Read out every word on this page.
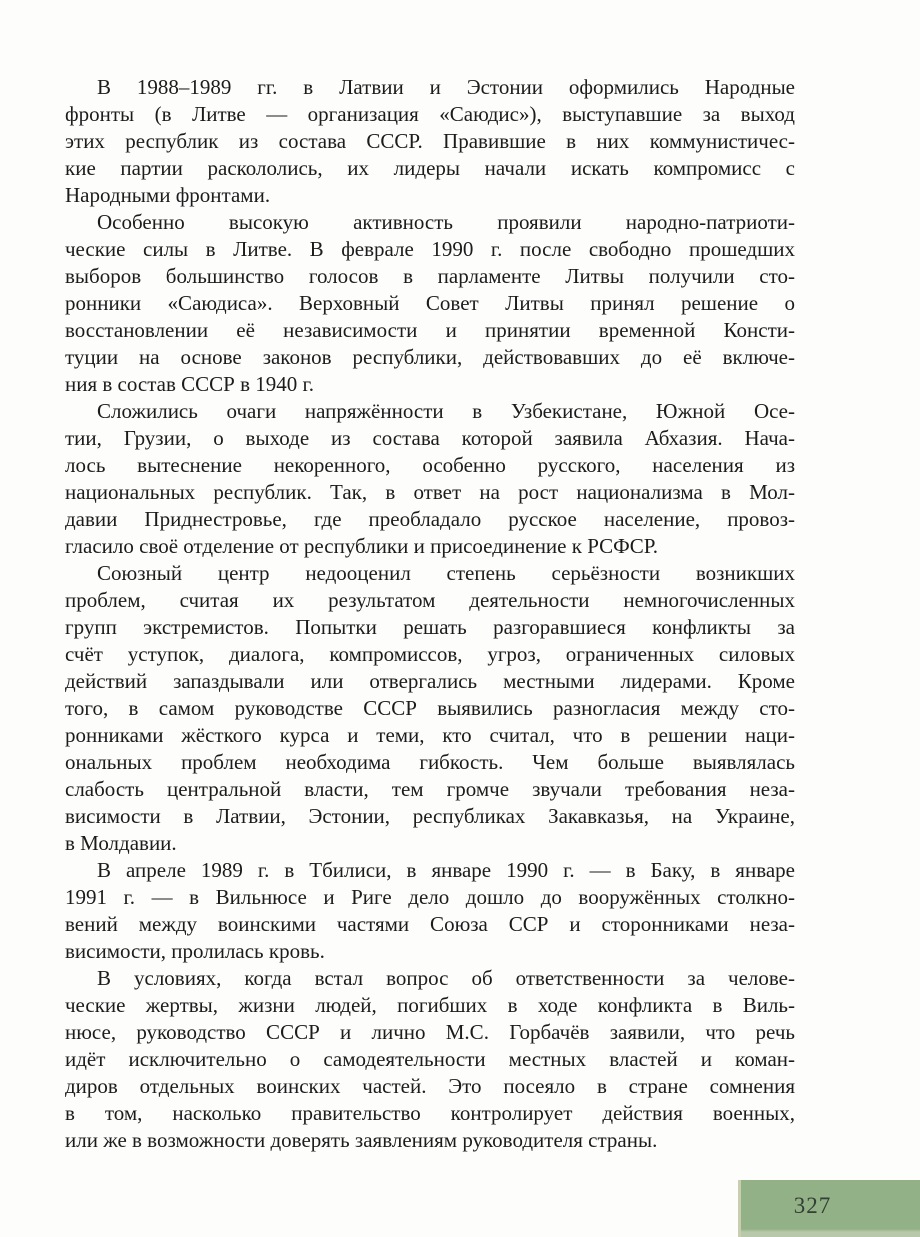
В 1988–1989 гг. в Латвии и Эстонии оформились Народные
фронты (в Литве — организация «Саюдис»), выступавшие за выход
этих республик из состава СССР. Правившие в них коммунистичес-
кие партии раскололись, их лидеры начали искать компромисс с
Народными фронтами.
Особенно высокую активность проявили народно-патриоти-
ческие силы в Литве. В феврале 1990 г. после свободно прошедших
выборов большинство голосов в парламенте Литвы получили сто-
ронники «Саюдиса». Верховный Совет Литвы принял решение о
восстановлении её независимости и принятии временной Консти-
туции на основе законов республики, действовавших до её включе-
ния в состав СССР в 1940 г.
Сложились очаги напряжённости в Узбекистане, Южной Осе-
тии, Грузии, о выходе из состава которой заявила Абхазия. Нача-
лось вытеснение некоренного, особенно русского, населения из
национальных республик. Так, в ответ на рост национализма в Мол-
давии Приднестровье, где преобладало русское население, провоз-
гласило своё отделение от республики и присоединение к РСФСР.
Союзный центр недооценил степень серьёзности возникших
проблем, считая их результатом деятельности немногочисленных
групп экстремистов. Попытки решать разгоравшиеся конфликты за
счёт уступок, диалога, компромиссов, угроз, ограниченных силовых
действий запаздывали или отвергались местными лидерами. Кроме
того, в самом руководстве СССР выявились разногласия между сто-
ронниками жёсткого курса и теми, кто считал, что в решении наци-
ональных проблем необходима гибкость. Чем больше выявлялась
слабость центральной власти, тем громче звучали требования неза-
висимости в Латвии, Эстонии, республиках Закавказья, на Украине,
в Молдавии.
В апреле 1989 г. в Тбилиси, в январе 1990 г. — в Баку, в январе
1991 г. — в Вильнюсе и Риге дело дошло до вооружённых столкно-
вений между воинскими частями Союза ССР и сторонниками неза-
висимости, пролилась кровь.
В условиях, когда встал вопрос об ответственности за челове-
ческие жертвы, жизни людей, погибших в ходе конфликта в Виль-
нюсе, руководство СССР и лично М.С. Горбачёв заявили, что речь
идёт исключительно о самодеятельности местных властей и коман-
диров отдельных воинских частей. Это посеяло в стране сомнения
в том, насколько правительство контролирует действия военных,
или же в возможности доверять заявлениям руководителя страны.
327
